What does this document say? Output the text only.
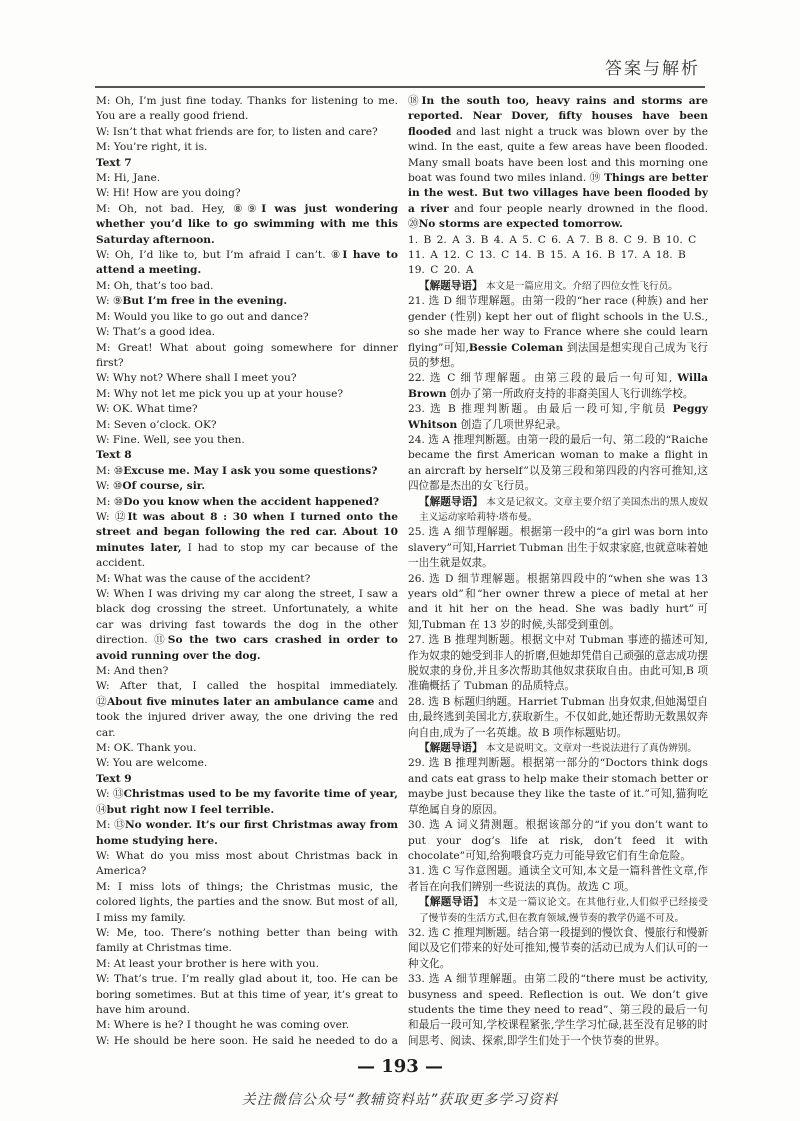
答案与解析

M: Oh, I’m just fine today. Thanks for listening to me. You are a really good friend.

W: Isn’t that what friends are for, to listen and care?

M: You’re right, it is.

Text 7

M: Hi, Jane.

W: Hi! How are you doing?

M: Oh, not bad. Hey, ⑧⑨I was just wondering whether you’d like to go swimming with me this Saturday afternoon.

W: Oh, I’d like to, but I’m afraid I can’t. ⑧I have to attend a meeting.

M: Oh, that’s too bad.

W: ⑨But I’m free in the evening.

M: Would you like to go out and dance?

W: That’s a good idea.

M: Great! What about going somewhere for dinner first?

W: Why not? Where shall I meet you?

M: Why not let me pick you up at your house?

W: OK. What time?

M: Seven o’clock. OK?

W: Fine. Well, see you then.

Text 8

M: ⑩Excuse me. May I ask you some questions?

W: ⑩Of course, sir.

M: ⑩Do you know when the accident happened?

W: ⑫It was about 8 : 30 when I turned onto the street and began following the red car. About 10 minutes later, I had to stop my car because of the accident.

M: What was the cause of the accident?

W: When I was driving my car along the street, I saw a black dog crossing the street. Unfortunately, a white car was driving fast towards the dog in the other direction. ⑪So the two cars crashed in order to avoid running over the dog.

M: And then?

W: After that, I called the hospital immediately. ⑫About five minutes later an ambulance came and took the injured driver away, the one driving the red car.

M: OK. Thank you.

W: You are welcome.

Text 9

W: ⑬Christmas used to be my favorite time of year, ⑭but right now I feel terrible.

M: ⑬No wonder. It’s our first Christmas away from home studying here.

W: What do you miss most about Christmas back in America?

M: I miss lots of things; the Christmas music, the colored lights, the parties and the snow. But most of all, I miss my family.

W: Me, too. There’s nothing better than being with family at Christmas time.

M: At least your brother is here with you.

W: That’s true. I’m really glad about it, too. He can be boring sometimes. But at this time of year, it’s great to have him around.

M: Where is he? I thought he was coming over.

W: He should be here soon. He said he needed to do a

⑱In the south too, heavy rains and storms are reported. Near Dover, fifty houses have been flooded and last night a truck was blown over by the wind. In the east, quite a few areas have been flooded. Many small boats have been lost and this morning one boat was found two miles inland. ⑲ Things are better in the west. But two villages have been flooded by a river and four people nearly drowned in the flood. ⑳No storms are expected tomorrow.

1. B 2. A 3. B 4. A 5. C 6. A 7. B 8. C 9. B 10. C

11. A 12. C 13. C 14. B 15. A 16. B 17. A 18. B

19. C 20. A

【解题导语】 本文是一篇应用文。介绍了四位女性飞行员。

21. 选 D 细节理解题。由第一段的“her race (种族) and her gender (性别) kept her out of flight schools in the U.S., so she made her way to France where she could learn flying”可知,Bessie Coleman 到法国是想实现自己成为飞行员的梦想。

22. 选 C 细节理解题。由第三段的最后一句可知, Willa Brown 创办了第一所政府支持的非裔美国人飞行训练学校。

23. 选 B 推理判断题。由最后一段可知,宇航员 Peggy Whitson 创造了几项世界纪录。

24. 选 A 推理判断题。由第一段的最后一句、第二段的“Raiche became the first American woman to make a flight in an aircraft by herself”以及第三段和第四段的内容可推知,这四位都是杰出的女飞行员。

【解题导语】 本文是记叙文。文章主要介绍了美国杰出的黑人废奴主义运动家哈莉特·塔布曼。

25. 选 A 细节理解题。根据第一段中的“a girl was born into slavery”可知,Harriet Tubman 出生于奴隶家庭,也就意味着她一出生就是奴隶。

26. 选 D 细节理解题。根据第四段中的“when she was 13 years old”和“her owner threw a piece of metal at her and it hit her on the head. She was badly hurt”可知,Tubman 在 13 岁的时候,头部受到重创。

27. 选 B 推理判断题。根据文中对 Tubman 事迹的描述可知,作为奴隶的她受到非人的折磨,但她却凭借自己顽强的意志成功摆脱奴隶的身份,并且多次帮助其他奴隶获取自由。由此可知,B 项准确概括了 Tubman 的品质特点。

28. 选 B 标题归纳题。Harriet Tubman 出身奴隶,但她渴望自由,最终逃到美国北方,获取新生。不仅如此,她还帮助无数黑奴奔向自由,成为了一名英雄。故 B 项作标题贴切。

【解题导语】 本文是说明文。文章对一些说法进行了真伪辨别。

29. 选 B 推理判断题。根据第一部分的“Doctors think dogs and cats eat grass to help make their stomach better or maybe just because they like the taste of it.”可知,猫狗吃草绝属自身的原因。

30. 选 A 词义猜测题。根据该部分的“if you don’t want to put your dog’s life at risk, don’t feed it with chocolate”可知,给狗喂食巧克力可能导致它们有生命危险。

31. 选 C 写作意图题。通读全文可知,本文是一篇科普性文章,作者旨在向我们辨别一些说法的真伪。故选 C 项。

【解题导语】 本文是一篇议论文。在其他行业,人们似乎已经接受了慢节奏的生活方式,但在教育领域,慢节奏的教学仍遥不可及。

32. 选 C 推理判断题。结合第一段提到的慢饮食、慢旅行和慢新闻以及它们带来的好处可推知,慢节奏的活动已成为人们认可的一种文化。

33. 选 A 细节理解题。由第二段的“there must be activity, busyness and speed. Reflection is out. We don’t give students the time they need to read”、第三段的最后一句和最后一段可知,学校课程紧张,学生学习忙碌,甚至没有足够的时间思考、阅读、探索,即学生们处于一个快节奏的世界。

— 193 —
关注微信公众号“教辅资料站”获取更多学习资料
